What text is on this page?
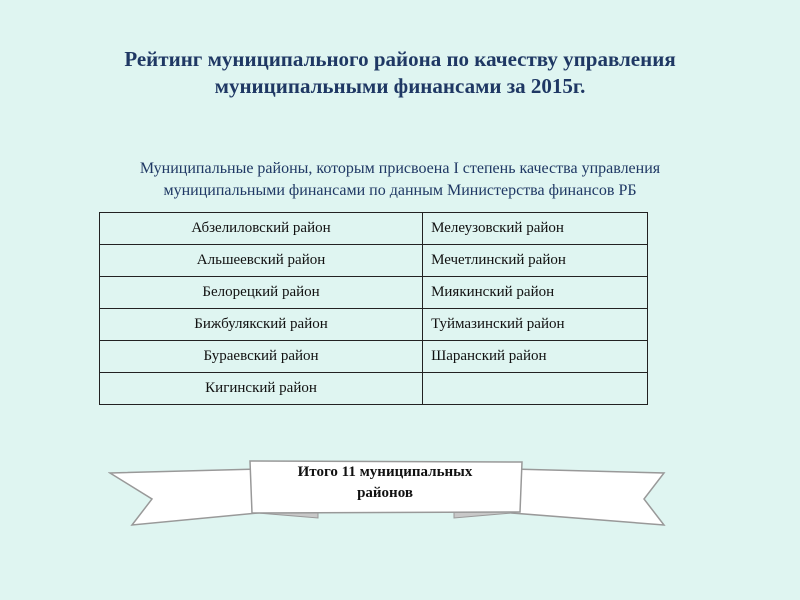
Рейтинг муниципального района по качеству управления
муниципальными финансами за 2015г.
Муниципальные районы, которым присвоена I степень качества управления
муниципальными финансами по данным Министерства финансов РБ
Абзелиловский район	Мелеузовский район
Альшеевский район	Мечетлинский район
Белорецкий район	Миякинский район
Бижбулякский район	Туймазинский район
Бураевский район	Шаранский район
Кигинский район	
Итого 11 муниципальных
районов
